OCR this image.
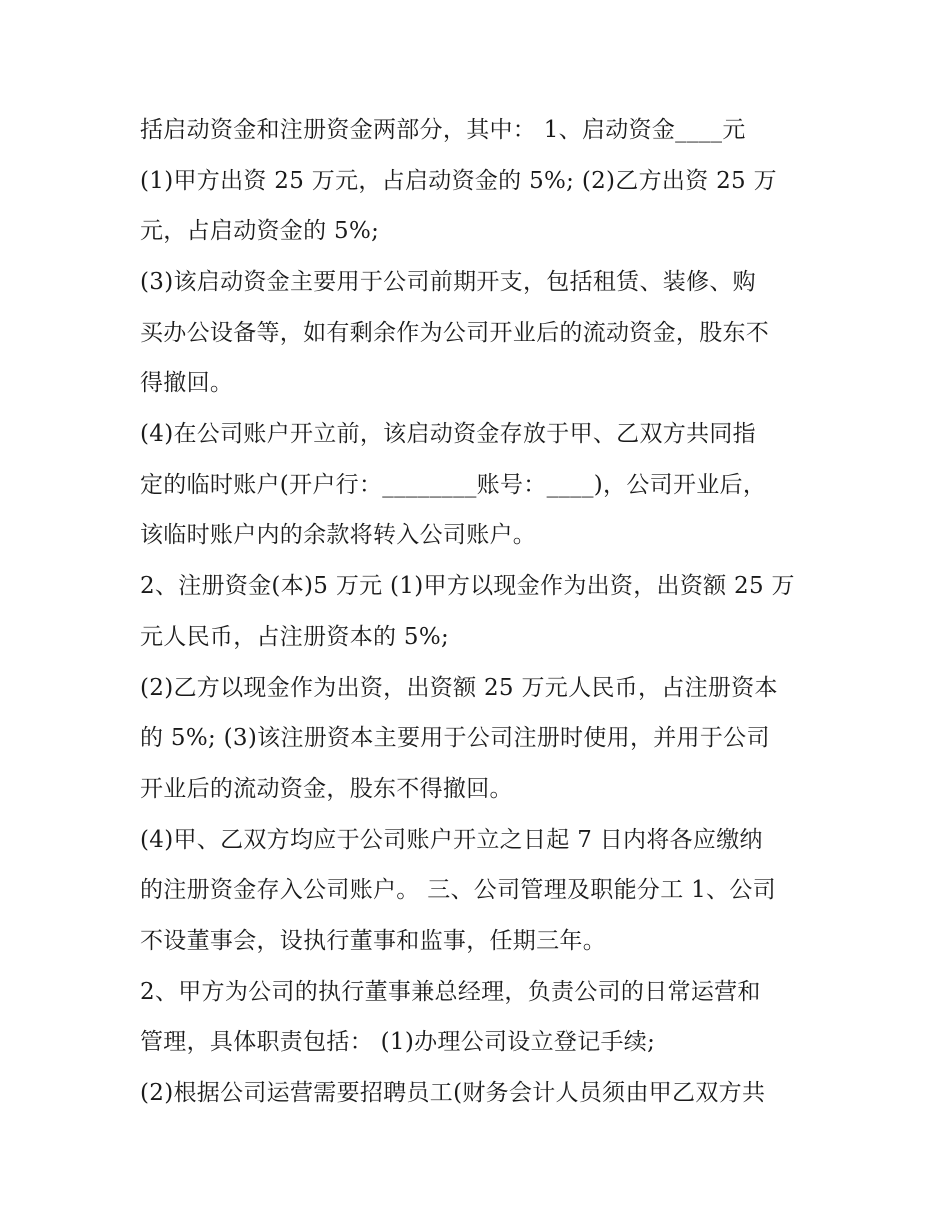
括启动资金和注册资金两部分，其中： 1、启动资金____元

(1)甲方出资 25 万元，占启动资金的 5%; (2)乙方出资 25 万

元，占启动资金的 5%;

(3)该启动资金主要用于公司前期开支，包括租赁、装修、购

买办公设备等，如有剩余作为公司开业后的流动资金，股东不

得撤回。

(4)在公司账户开立前，该启动资金存放于甲、乙双方共同指

定的临时账户(开户行：________账号：____)，公司开业后，

该临时账户内的余款将转入公司账户。

2、注册资金(本)5 万元 (1)甲方以现金作为出资，出资额 25 万

元人民币，占注册资本的 5%;

(2)乙方以现金作为出资，出资额 25 万元人民币，占注册资本

的 5%; (3)该注册资本主要用于公司注册时使用，并用于公司

开业后的流动资金，股东不得撤回。

(4)甲、乙双方均应于公司账户开立之日起 7 日内将各应缴纳

的注册资金存入公司账户。 三、公司管理及职能分工 1、公司

不设董事会，设执行董事和监事，任期三年。

2、甲方为公司的执行董事兼总经理，负责公司的日常运营和

管理，具体职责包括： (1)办理公司设立登记手续;

(2)根据公司运营需要招聘员工(财务会计人员须由甲乙双方共
